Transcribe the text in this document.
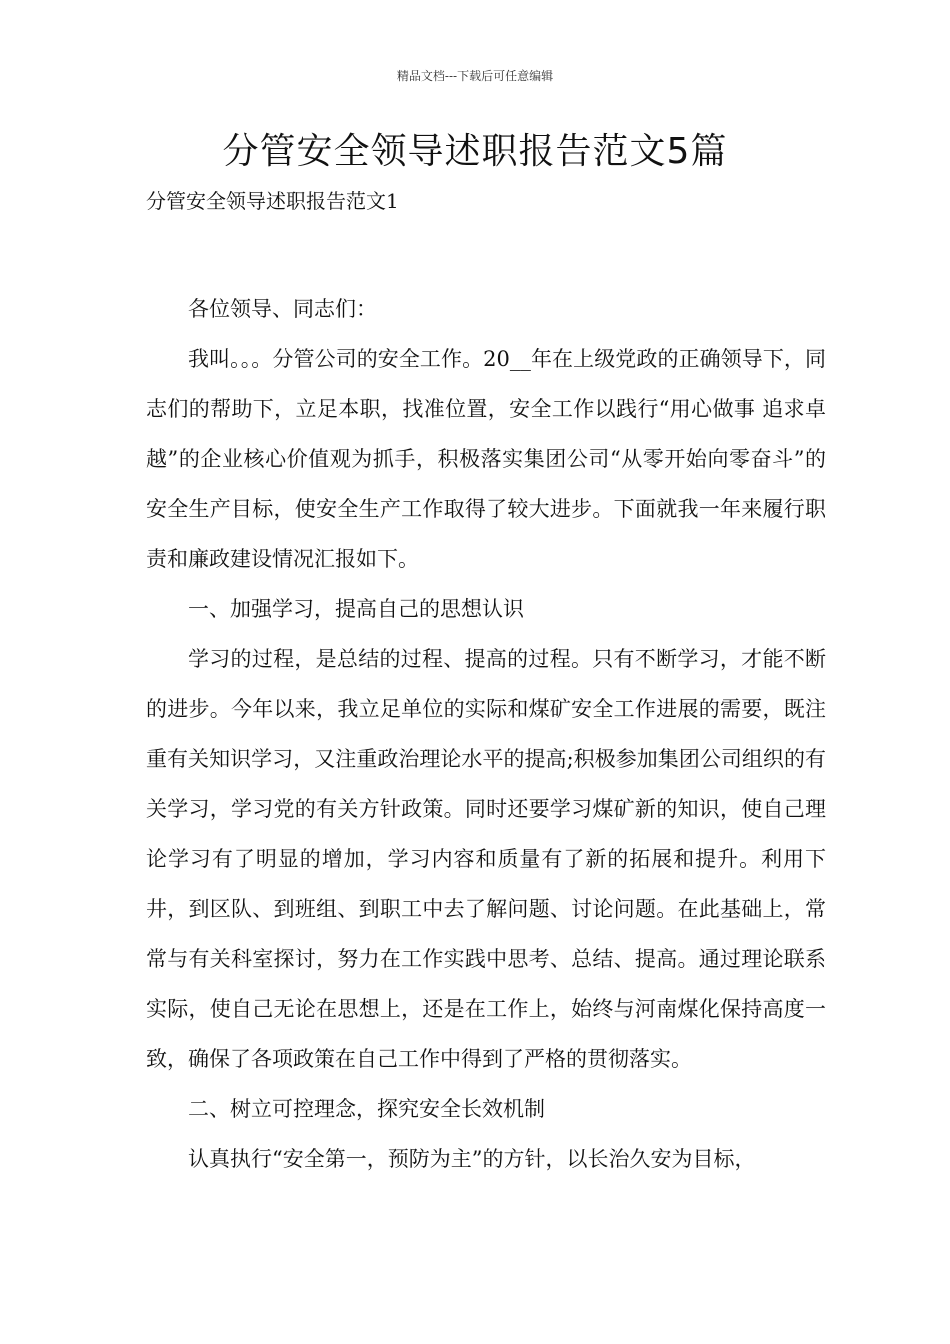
精品文档---下载后可任意编辑
分管安全领导述职报告范文5篇
分管安全领导述职报告范文1

各位领导、同志们：

我叫。。。分管公司的安全工作。20__年在上级党政的正确领导下，同志们的帮助下，立足本职，找准位置，安全工作以践行“用心做事 追求卓越”的企业核心价值观为抓手，积极落实集团公司“从零开始向零奋斗”的安全生产目标，使安全生产工作取得了较大进步。下面就我一年来履行职责和廉政建设情况汇报如下。

一、加强学习，提高自己的思想认识

学习的过程，是总结的过程、提高的过程。只有不断学习，才能不断的进步。今年以来，我立足单位的实际和煤矿安全工作进展的需要，既注重有关知识学习，又注重政治理论水平的提高;积极参加集团公司组织的有关学习，学习党的有关方针政策。同时还要学习煤矿新的知识，使自己理论学习有了明显的增加，学习内容和质量有了新的拓展和提升。利用下井，到区队、到班组、到职工中去了解问题、讨论问题。在此基础上，常常与有关科室探讨，努力在工作实践中思考、总结、提高。通过理论联系实际，使自己无论在思想上，还是在工作上，始终与河南煤化保持高度一致，确保了各项政策在自己工作中得到了严格的贯彻落实。

二、树立可控理念，探究安全长效机制

认真执行“安全第一，预防为主”的方针，以长治久安为目标，
